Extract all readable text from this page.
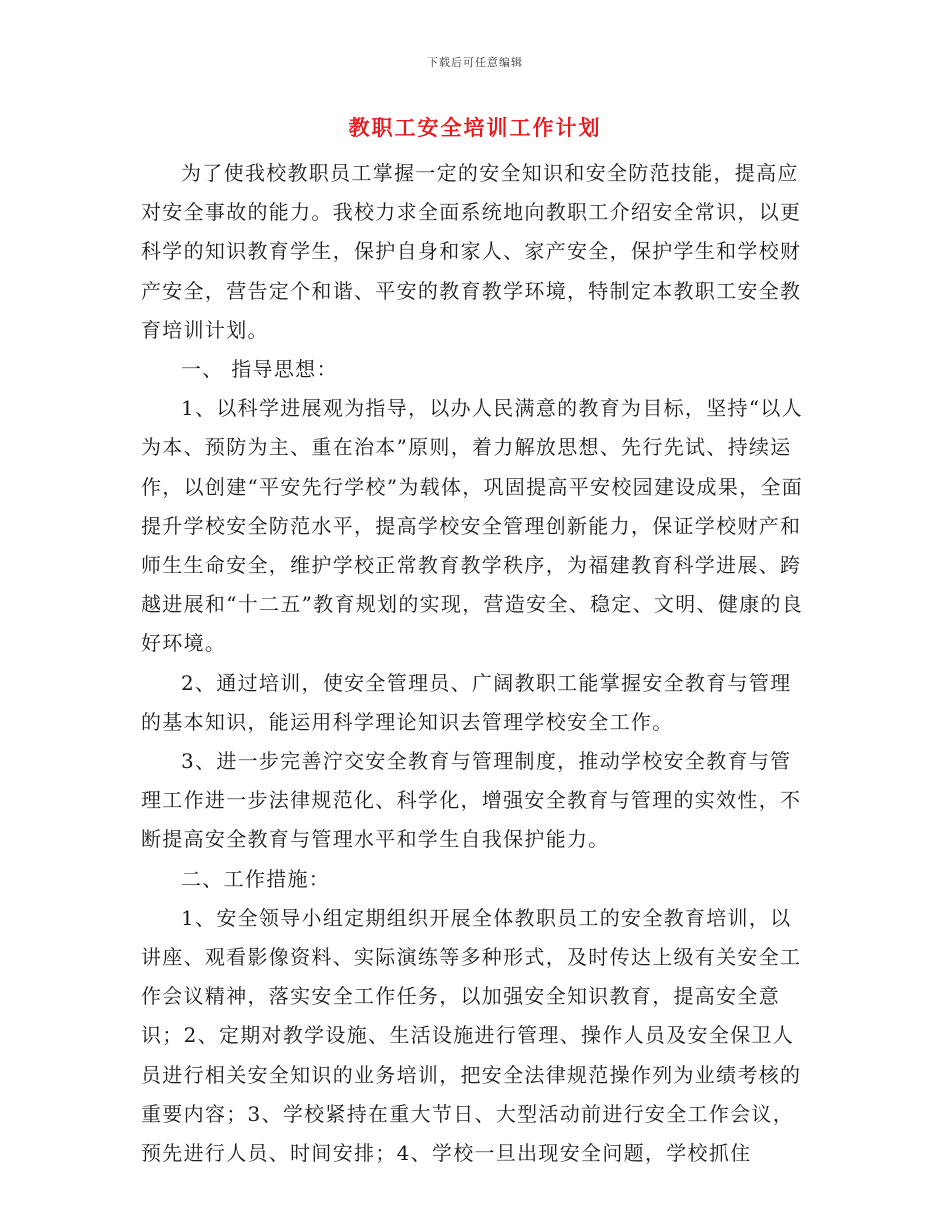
下载后可任意编辑
教职工安全培训工作计划

为了使我校教职员工掌握一定的安全知识和安全防范技能，提高应对安全事故的能力。我校力求全面系统地向教职工介绍安全常识，以更科学的知识教育学生，保护自身和家人、家产安全，保护学生和学校财产安全，营告定个和谐、平安的教育教学环境，特制定本教职工安全教育培训计划。

一、 指导思想：

1、以科学进展观为指导，以办人民满意的教育为目标，坚持“以人为本、预防为主、重在治本”原则，着力解放思想、先行先试、持续运作，以创建“平安先行学校”为载体，巩固提高平安校园建设成果，全面提升学校安全防范水平，提高学校安全管理创新能力，保证学校财产和师生生命安全，维护学校正常教育教学秩序，为福建教育科学进展、跨越进展和“十二五”教育规划的实现，营造安全、稳定、文明、健康的良好环境。

2、通过培训，使安全管理员、广阔教职工能掌握安全教育与管理的基本知识，能运用科学理论知识去管理学校安全工作。

3、进一步完善泞交安全教育与管理制度，推动学校安全教育与管理工作进一步法律规范化、科学化，增强安全教育与管理的实效性，不断提高安全教育与管理水平和学生自我保护能力。

二、工作措施：

1、安全领导小组定期组织开展全体教职员工的安全教育培训，以讲座、观看影像资料、实际演练等多种形式，及时传达上级有关安全工作会议精神，落实安全工作任务，以加强安全知识教育，提高安全意识；2、定期对教学设施、生活设施进行管理、操作人员及安全保卫人员进行相关安全知识的业务培训，把安全法律规范操作列为业绩考核的重要内容；3、学校紧持在重大节日、大型活动前进行安全工作会议，预先进行人员、时间安排；4、学校一旦出现安全问题，学校抓住
